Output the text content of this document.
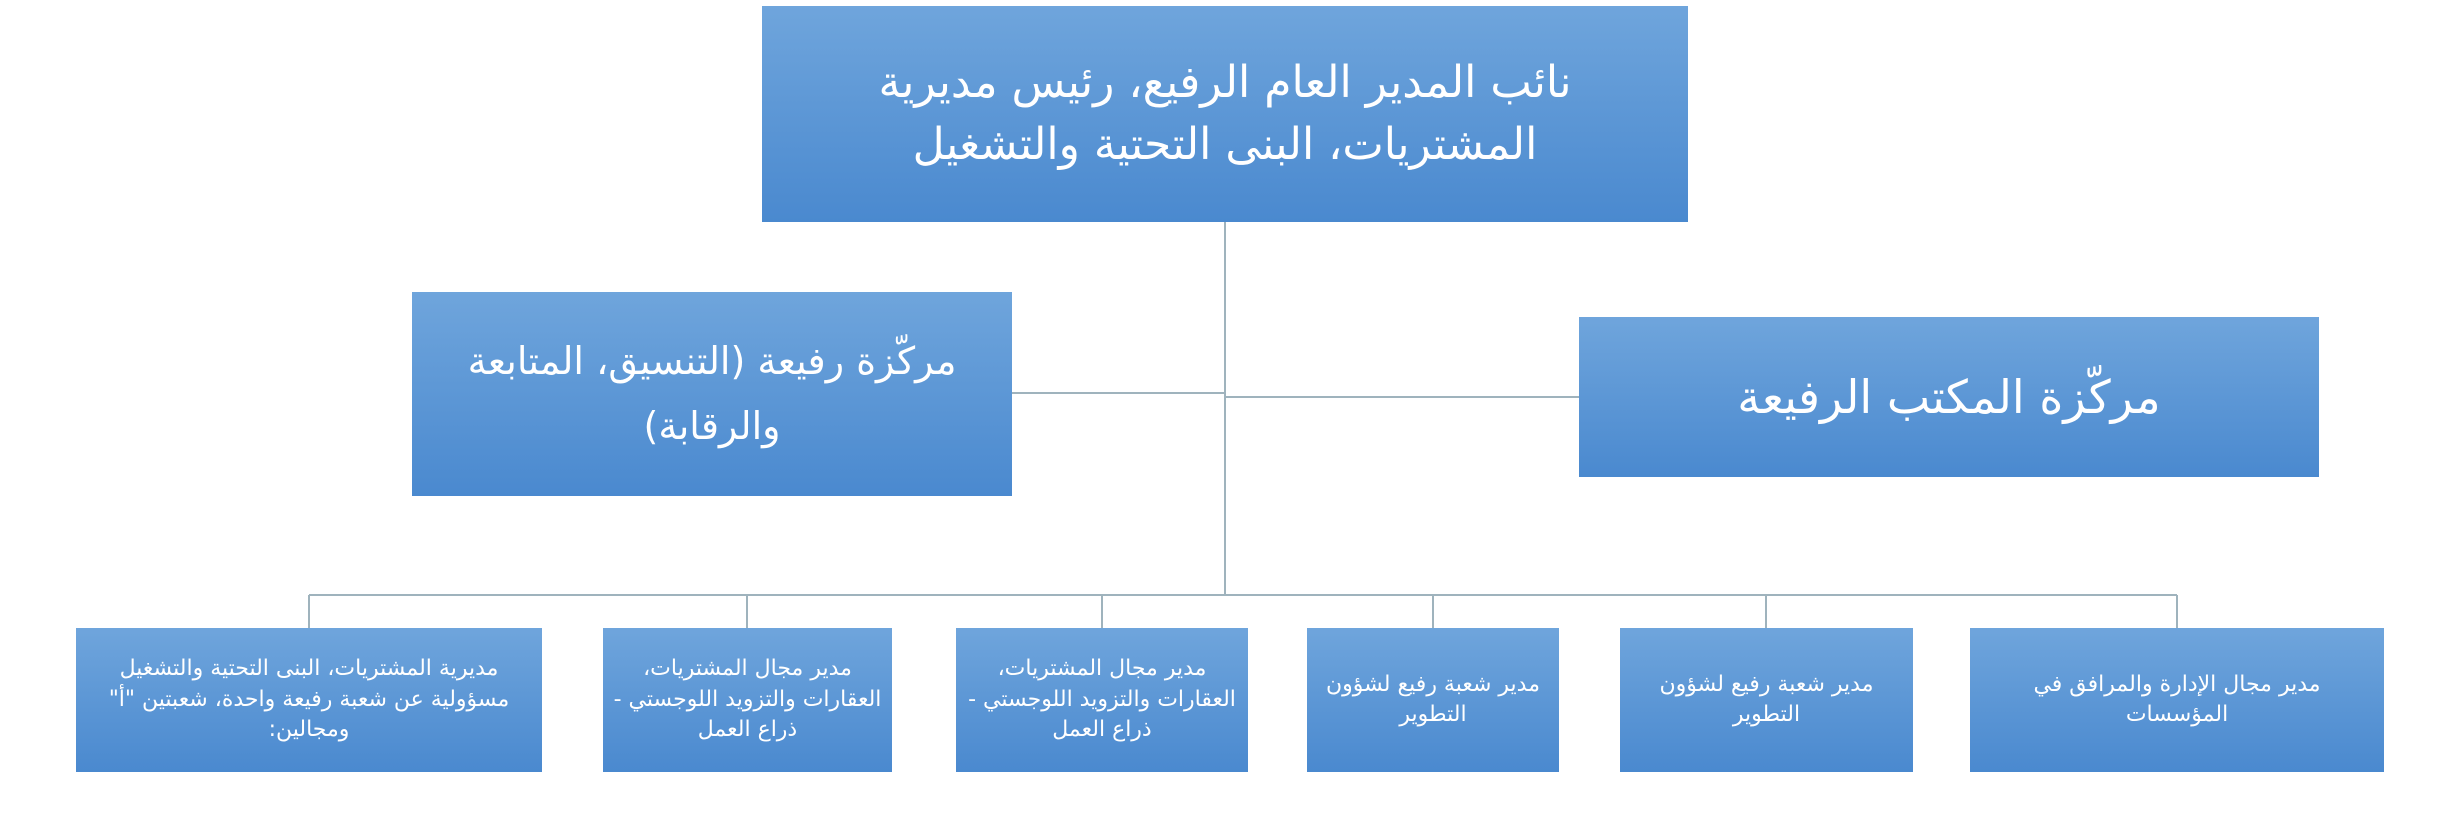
نائب المدير العام الرفيع، رئيس مديرية المشتريات، البنى التحتية والتشغيل
مركّزة رفيعة (التنسيق، المتابعة والرقابة)
مركّزة المكتب الرفيعة
مديرية المشتريات، البنى التحتية والتشغيل مسؤولية عن شعبة رفيعة واحدة، شعبتين "أ" ومجالين:
مدير مجال المشتريات، العقارات والتزويد اللوجستي - ذراع العمل
مدير مجال المشتريات، العقارات والتزويد اللوجستي - ذراع العمل
مدير شعبة رفيع لشؤون التطوير
مدير شعبة رفيع لشؤون التطوير
مدير مجال الإدارة والمرافق في المؤسسات
